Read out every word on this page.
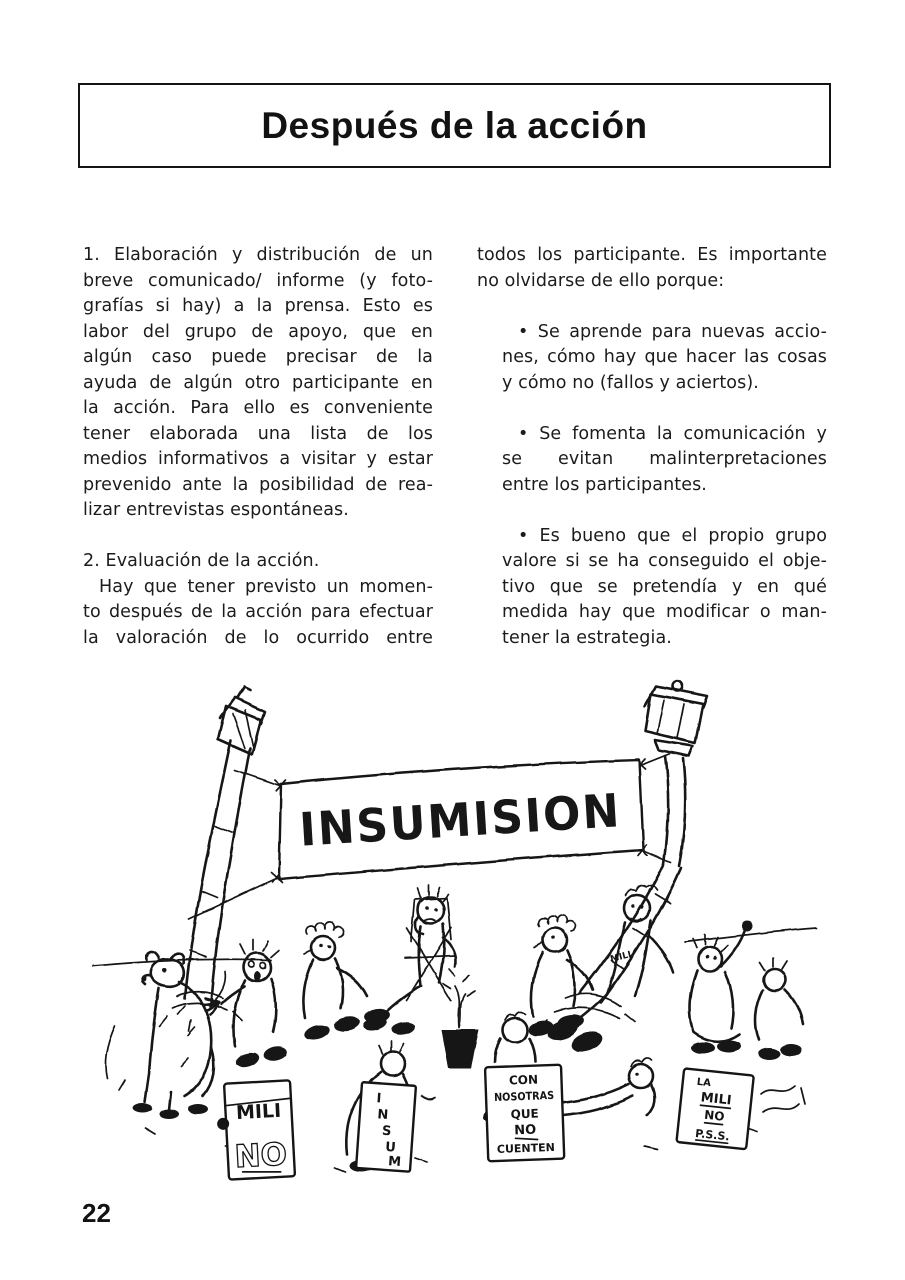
Después de la acción
1. Elaboración y distribución de un
breve comunicado/ informe (y foto-
grafías si hay) a la prensa. Esto es
labor del grupo de apoyo, que en
algún caso puede precisar de la
ayuda de algún otro participante en
la acción. Para ello es conveniente
tener elaborada una lista de los
medios informativos a visitar y estar
prevenido ante la posibilidad de rea-
lizar entrevistas espontáneas.
2. Evaluación de la acción.
Hay que tener previsto un momen-
to después de la acción para efectuar
la valoración de lo ocurrido entre
todos los participante. Es importante
no olvidarse de ello porque:
• Se aprende para nuevas accio-
nes, cómo hay que hacer las cosas
y cómo no (fallos y aciertos).
• Se fomenta la comunicación y
se evitan malinterpretaciones
entre los participantes.
• Es bueno que el propio grupo
valore si se ha conseguido el obje-
tivo que se pretendía y en qué
medida hay que modificar o man-
tener la estrategia.
INSUMISION
MILI
MILI
NO
I
N
S
U
M
CON
NOSOTRAS
QUE
NO
CUENTEN
LA
MILI
NO
P.S.S.
22
